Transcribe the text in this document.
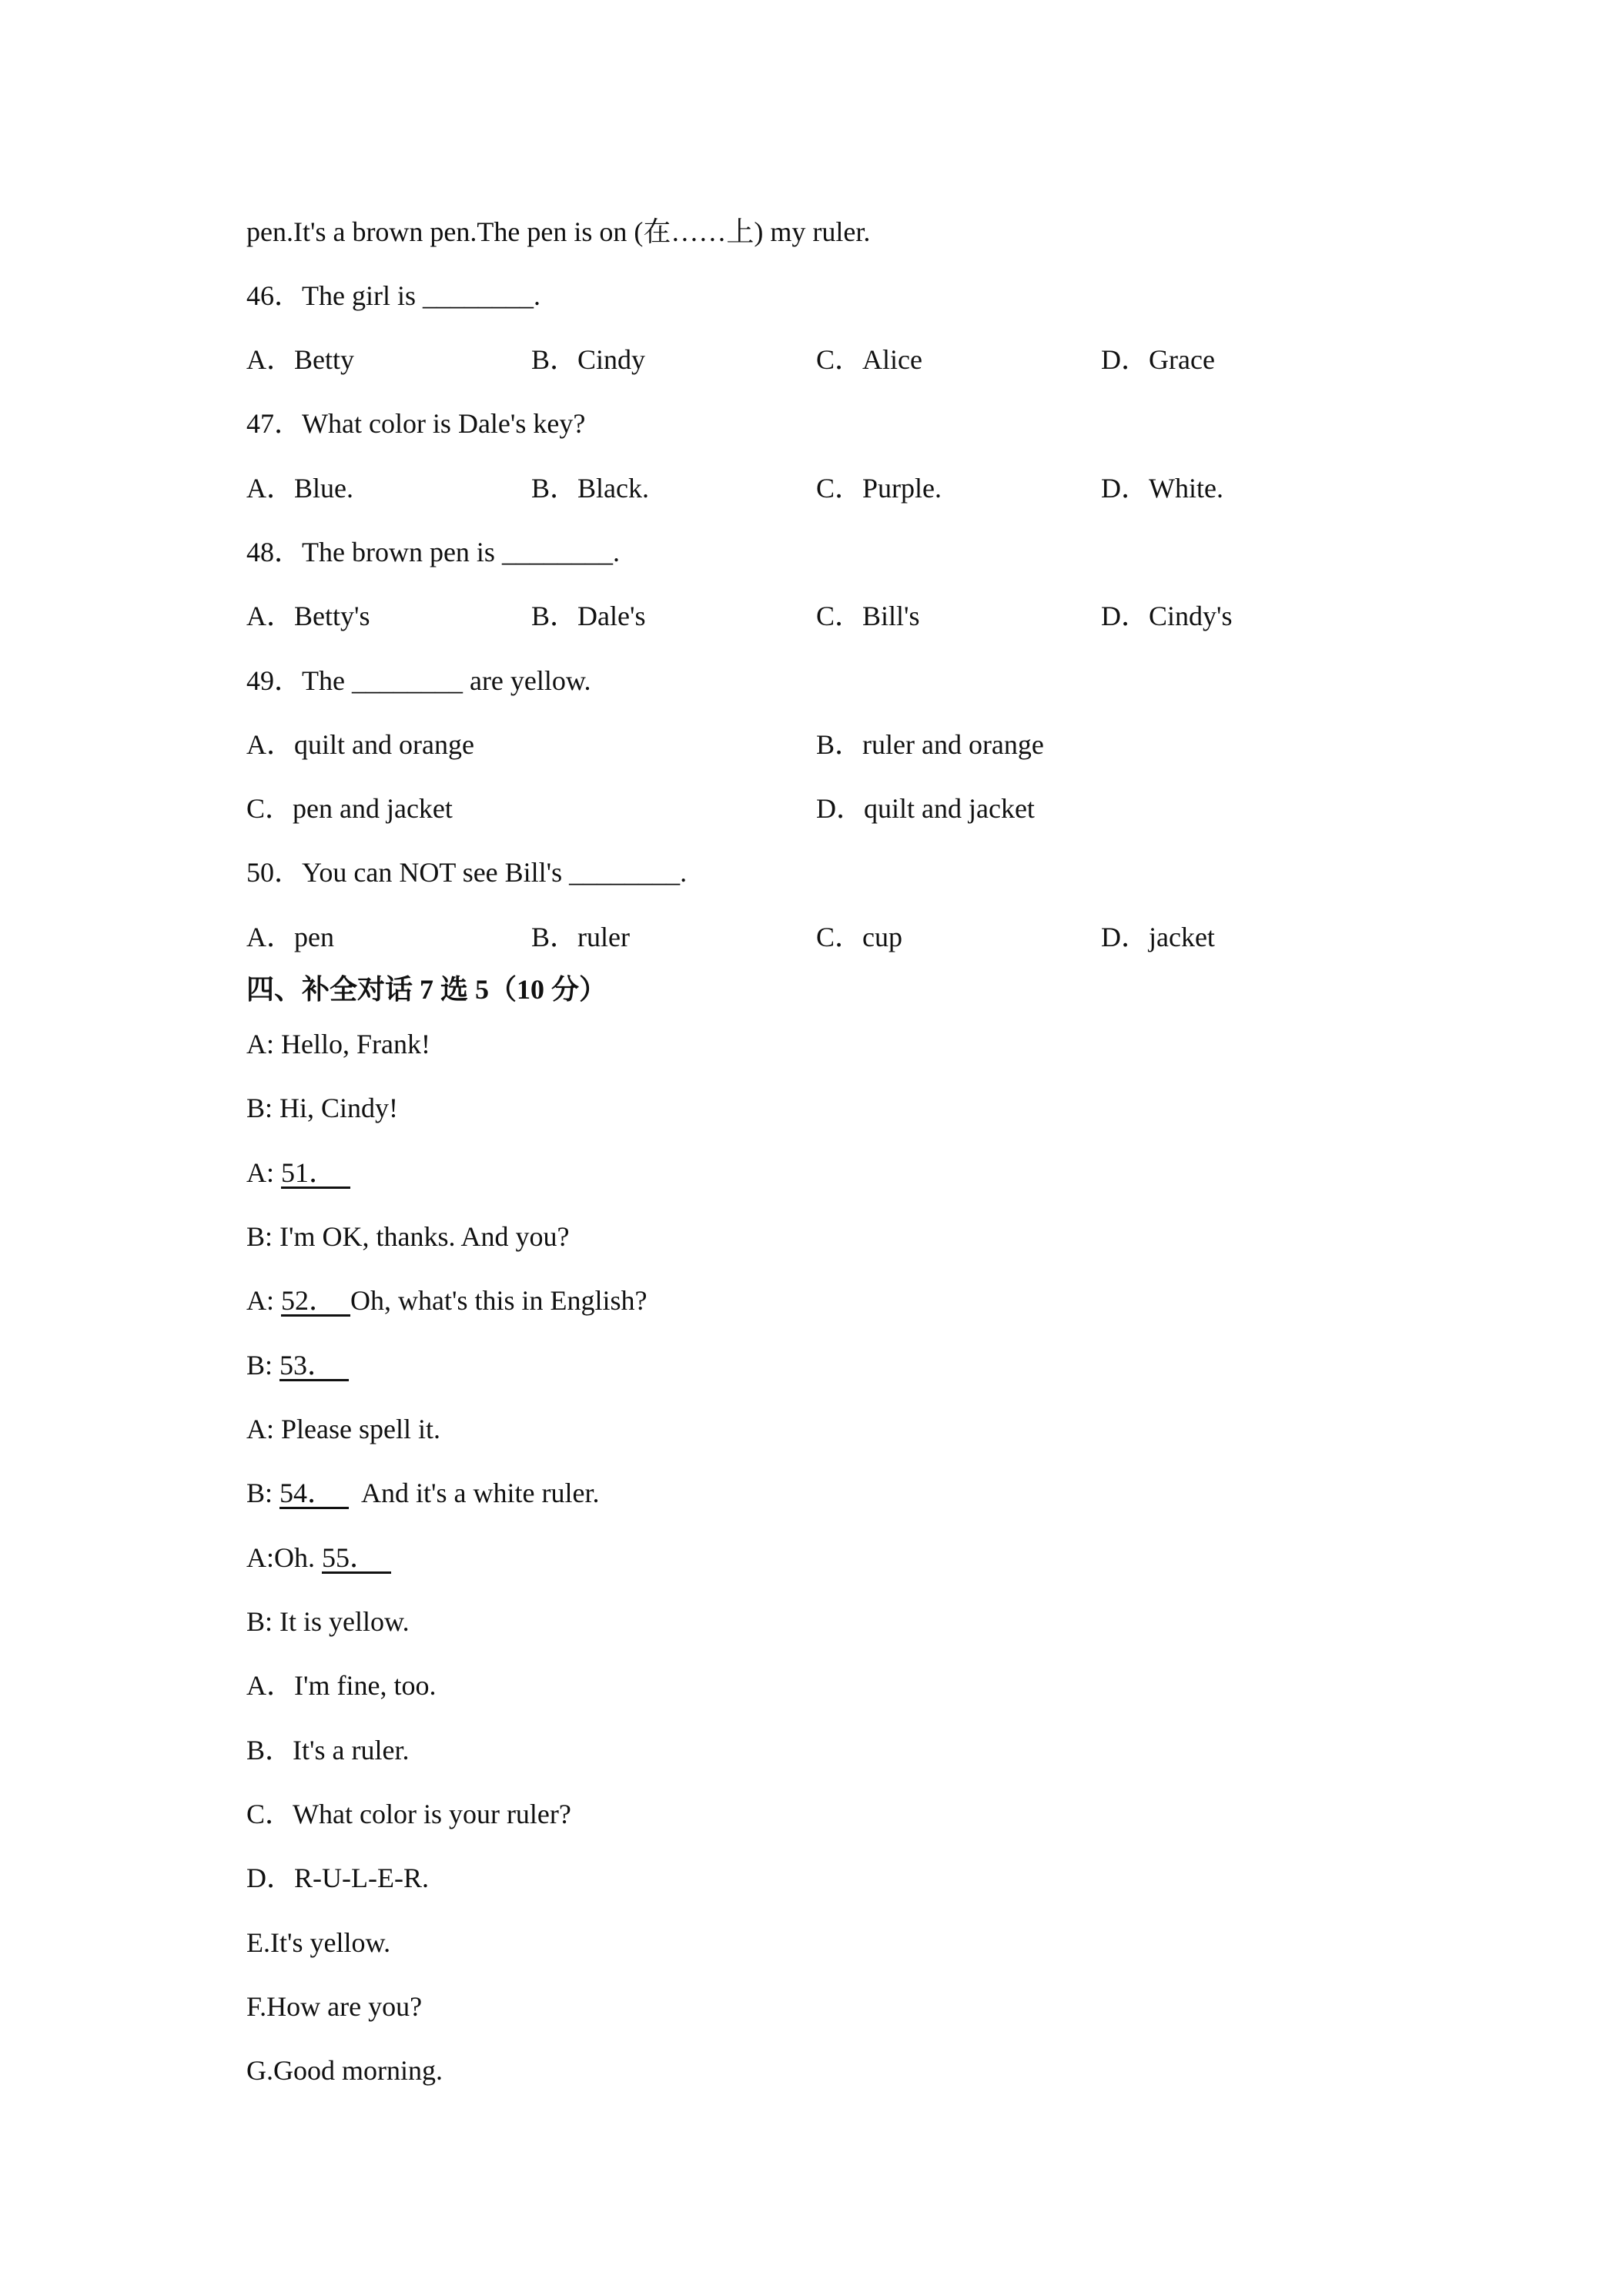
pen.It's a brown pen.The pen is on (在……上) my ruler.
46．The girl is ________.

A．Betty

	B．Cindy

	C．Alice

	D．Grace

47．What color is Dale's key?

A．Blue.

	B．Black.

	C．Purple.

	D．White.

48．The brown pen is ________.

A．Betty's

	B．Dale's

	C．Bill's

	D．Cindy's

49．The ________ are yellow.

A．quilt and orange

	B．ruler and orange

C．pen and jacket

	D．quilt and jacket

50．You can NOT see Bill's ________.

A．pen

	B．ruler

	C．cup

	D．jacket

四、补全对话 7 选 5（10 分）
A: Hello, Frank!
B: Hi, Cindy!
A: 51．
B: I'm OK, thanks. And you?
A: 52．  Oh, what's this in English?
B: 53．
A: Please spell it.
B: 54．    And it's a white ruler.
A:Oh. 55．
B: It is yellow.
A．I'm fine, too.
B．It's a ruler.
C．What color is your ruler?
D．R-U-L-E-R.
E.It's yellow.
F.How are you?
G.Good morning.
